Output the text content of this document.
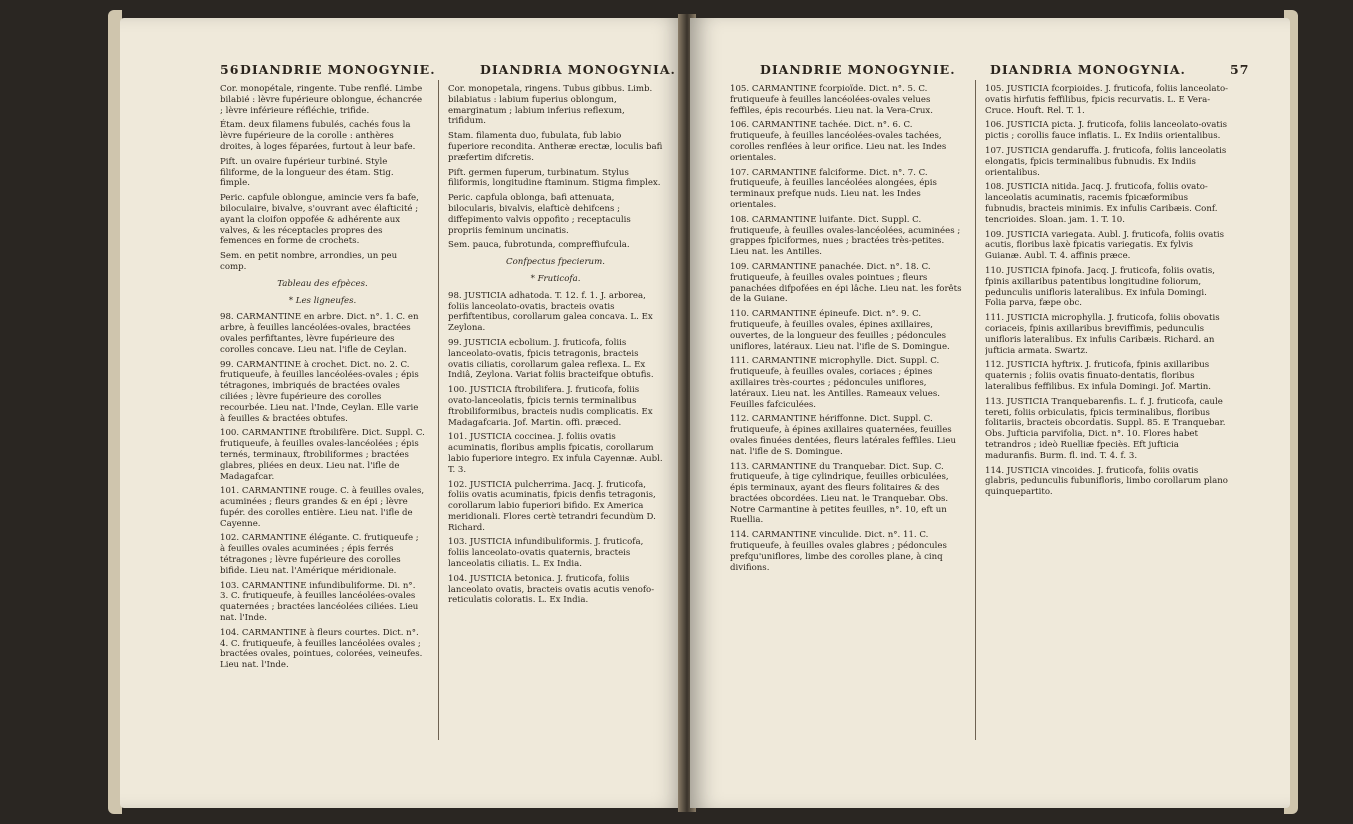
56 DIANDRIE MONOGYNIE.	DIANDRIA MONOGYNIA.

Cor. monopétale, ringente. Tube renflé. Limbe bilabié : lèvre fupérieure oblongue, échancrée ; lèvre inférieure réfléchie, trifide.

Étam. deux filamens fubulés, cachés fous la lèvre fupérieure de la corolle : anthères droites, à loges féparées, furtout à leur bafe.

Pift. un ovaire fupérieur turbiné. Style filiforme, de la longueur des étam. Stig. fimple.

Peric. capfule oblongue, amincie vers fa bafe, biloculaire, bivalve, s'ouvrant avec élafticité ; ayant la cloifon oppofée & adhérente aux valves, & les réceptacles propres des femences en forme de crochets.

Sem. en petit nombre, arrondies, un peu comp.

Tableau des efpèces.

* Les ligneufes.

98. CARMANTINE en arbre. Dict. n°. 1. C. en arbre, à feuilles lancéolées-ovales, bractées ovales perfiftantes, lèvre fupérieure des corolles concave. Lieu nat. l'ifle de Ceylan.

99. CARMANTINE à crochet. Dict. no. 2. C. frutiqueufe, à feuilles lancéolées-ovales ; épis tétragones, imbriqués de bractées ovales ciliées ; lèvre fupérieure des corolles recourbée. Lieu nat. l'Inde, Ceylan. Elle varie à feuilles & bractées obtufes.

100. CARMANTINE ftrobilifère. Dict. Suppl. C. frutiqueufe, à feuilles ovales-lancéolées ; épis ternés, terminaux, ftrobiliformes ; bractées glabres, pliées en deux. Lieu nat. l'ifle de Madagafcar.

101. CARMANTINE rouge. C. à feuilles ovales, acuminées ; fleurs grandes & en épi ; lèvre fupér. des corolles entière. Lieu nat. l'ifle de Cayenne.

102. CARMANTINE élégante. C. frutiqueufe ; à feuilles ovales acuminées ; épis ferrés tétragones ; lèvre fupérieure des corolles bifide. Lieu nat. l'Amérique méridionale.

103. CARMANTINE infundibuliforme. Di. n°. 3. C. frutiqueufe, à feuilles lancéolées-ovales quaternées ; bractées lancéolées ciliées. Lieu nat. l'Inde.

104. CARMANTINE à fleurs courtes. Dict. n°. 4. C. frutiqueufe, à feuilles lancéolées ovales ; bractées ovales, pointues, colorées, veineufes. Lieu nat. l'Inde.

Cor. monopetala, ringens. Tubus gibbus. Limb. bilabiatus : labium fuperius oblongum, emarginatum ; labium inferius reflexum, trifidum.

Stam. filamenta duo, fubulata, fub labio fuperiore recondita. Antheræ erectæ, loculis bafi præfertim difcretis.

Pift. germen fuperum, turbinatum. Stylus filiformis, longitudine ftaminum. Stigma fimplex.

Peric. capfula oblonga, bafi attenuata, bilocularis, bivalvis, elafticè dehifcens ; diffepimento valvis oppofito ; receptaculis propriis feminum uncinatis.

Sem. pauca, fubrotunda, compreffiufcula.

Confpectus fpecierum.

* Fruticofa.

98. JUSTICIA adhatoda. T. 12. f. 1. J. arborea, foliis lanceolato-ovatis, bracteis ovatis perfiftentibus, corollarum galea concava. L. Ex Zeylona.

99. JUSTICIA ecbolium. J. fruticofa, foliis lanceolato-ovatis, fpicis tetragonis, bracteis ovatis ciliatis, corollarum galea reflexa. L. Ex Indiâ, Zeylona. Variat foliis bracteifque obtufis.

100. JUSTICIA ftrobilifera. J. fruticofa, foliis ovato-lanceolatis, fpicis ternis terminalibus ftrobiliformibus, bracteis nudis complicatis. Ex Madagafcaria. Jof. Martin. offi. præced.

101. JUSTICIA coccinea. J. foliis ovatis acuminatis, floribus amplis fpicatis, corollarum labio fuperiore integro. Ex infula Cayennæ. Aubl. T. 3.

102. JUSTICIA pulcherrima. Jacq. J. fruticofa, foliis ovatis acuminatis, fpicis denfis tetragonis, corollarum labio fuperiori bifido. Ex America meridionali. Flores certè tetrandri fecundùm D. Richard.

103. JUSTICIA infundibuliformis. J. fruticofa, foliis lanceolato-ovatis quaternis, bracteis lanceolatis ciliatis. L. Ex India.

104. JUSTICIA betonica. J. fruticofa, foliis lanceolato ovatis, bracteis ovatis acutis venofo-reticulatis coloratis. L. Ex India.

DIANDRIE MONOGYNIE.	DIANDRIA MONOGYNIA.	57

105. CARMANTINE fcorpioïde. Dict. n°. 5. C. frutiqueufe à feuilles lancéolées-ovales velues feffiles, épis recourbés. Lieu nat. la Vera-Crux.

106. CARMANTINE tachée. Dict. n°. 6. C. frutiqueufe, à feuilles lancéolées-ovales tachées, corolles renflées à leur orifice. Lieu nat. les Indes orientales.

107. CARMANTINE falciforme. Dict. n°. 7. C. frutiqueufe, à feuilles lancéolées alongées, épis terminaux prefque nuds. Lieu nat. les Indes orientales.

108. CARMANTINE luifante. Dict. Suppl. C. frutiqueufe, à feuilles ovales-lancéolées, acuminées ; grappes fpiciformes, nues ; bractées très-petites. Lieu nat. les Antilles.

109. CARMANTINE panachée. Dict. n°. 18. C. frutiqueufe, à feuilles ovales pointues ; fleurs panachées difpofées en épi lâche. Lieu nat. les forêts de la Guiane.

110. CARMANTINE épineufe. Dict. n°. 9. C. frutiqueufe, à feuilles ovales, épines axillaires, ouvertes, de la longueur des feuilles ; pédoncules uniflores, latéraux. Lieu nat. l'ifle de S. Domingue.

111. CARMANTINE microphylle. Dict. Suppl. C. frutiqueufe, à feuilles ovales, coriaces ; épines axillaires très-courtes ; pédoncules uniflores, latéraux. Lieu nat. les Antilles. Rameaux velues. Feuilles fafciculées.

112. CARMANTINE hériffonne. Dict. Suppl. C. frutiqueufe, à épines axillaires quaternées, feuilles ovales finuées dentées, fleurs latérales feffiles. Lieu nat. l'ifle de S. Domingue.

113. CARMANTINE du Tranquebar. Dict. Sup. C. frutiqueufe, à tige cylindrique, feuilles orbiculées, épis terminaux, ayant des fleurs folitaires & des bractées obcordées. Lieu nat. le Tranquebar. Obs. Notre Carmantine à petites feuilles, n°. 10, eft un Ruellia.

114. CARMANTINE vinculide. Dict. n°. 11. C. frutiqueufe, à feuilles ovales glabres ; pédoncules prefqu'uniflores, limbe des corolles plane, à cinq divifions.

105. JUSTICIA fcorpioides. J. fruticofa, foliis lanceolato-ovatis hirfutis feffilibus, fpicis recurvatis. L. E Vera-Cruce. Houft. Rel. T. 1.

106. JUSTICIA picta. J. fruticofa, foliis lanceolato-ovatis pictis ; corollis fauce inflatis. L. Ex Indiis orientalibus.

107. JUSTICIA gendaruffa. J. fruticofa, foliis lanceolatis elongatis, fpicis terminalibus fubnudis. Ex Indiis orientalibus.

108. JUSTICIA nitida. Jacq. J. fruticofa, foliis ovato-lanceolatis acuminatis, racemis fpicæformibus fubnudis, bracteis minimis. Ex infulis Caribæis. Conf. tencrioides. Sloan. jam. 1. T. 10.

109. JUSTICIA variegata. Aubl. J. fruticofa, foliis ovatis acutis, floribus laxè fpicatis variegatis. Ex fylvis Guianæ. Aubl. T. 4. affinis præce.

110. JUSTICIA fpinofa. Jacq. J. fruticofa, foliis ovatis, fpinis axillaribus patentibus longitudine foliorum, pedunculis unifloris lateralibus. Ex infula Domingi. Folia parva, fæpe obc.

111. JUSTICIA microphylla. J. fruticofa, foliis obovatis coriaceis, fpinis axillaribus breviffimis, pedunculis unifloris lateralibus. Ex infulis Caribæis. Richard. an jufticia armata. Swartz.

112. JUSTICIA hyftrix. J. fruticofa, fpinis axillaribus quaternis ; foliis ovatis finuato-dentatis, floribus lateralibus feffilibus. Ex infula Domingi. Jof. Martin.

113. JUSTICIA Tranquebarenfis. L. f. J. fruticofa, caule tereti, foliis orbiculatis, fpicis terminalibus, floribus folitariis, bracteis obcordatis. Suppl. 85. E Tranquebar. Obs. Jufticia parvifolia, Dict. n°. 10. Flores habet tetrandros ; ideò Ruelliæ fpeciès. Eft jufticia maduranfis. Burm. fl. ind. T. 4. f. 3.

114. JUSTICIA vincoides. J. fruticofa, foliis ovatis glabris, pedunculis fubunifloris, limbo corollarum plano quinquepartito.
